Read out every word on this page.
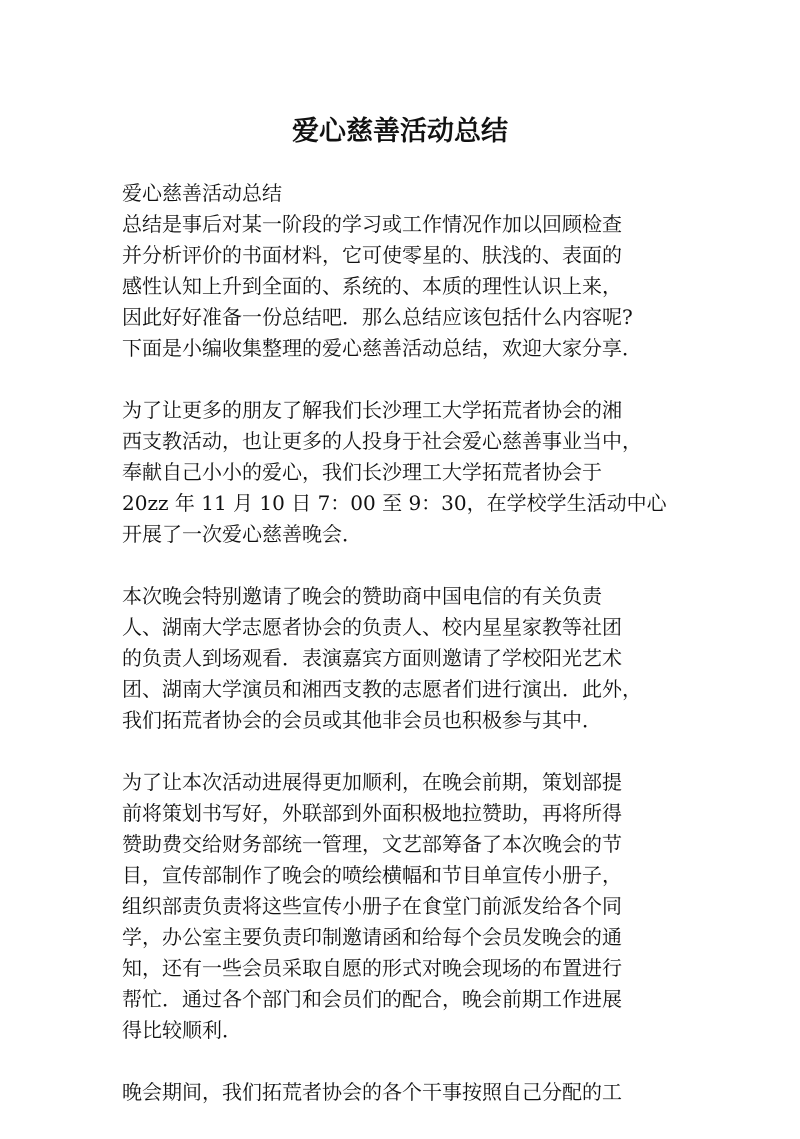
爱心慈善活动总结
爱心慈善活动总结
总结是事后对某一阶段的学习或工作情况作加以回顾检查
并分析评价的书面材料，它可使零星的、肤浅的、表面的
感性认知上升到全面的、系统的、本质的理性认识上来，
因此好好准备一份总结吧．那么总结应该包括什么内容呢?
下面是小编收集整理的爱心慈善活动总结，欢迎大家分享．
为了让更多的朋友了解我们长沙理工大学拓荒者协会的湘
西支教活动，也让更多的人投身于社会爱心慈善事业当中，
奉献自己小小的爱心，我们长沙理工大学拓荒者协会于
20zz 年 11 月 10 日 7：00 至 9：30，在学校学生活动中心
开展了一次爱心慈善晚会．
本次晚会特别邀请了晚会的赞助商中国电信的有关负责
人、湖南大学志愿者协会的负责人、校内星星家教等社团
的负责人到场观看．表演嘉宾方面则邀请了学校阳光艺术
团、湖南大学演员和湘西支教的志愿者们进行演出．此外，
我们拓荒者协会的会员或其他非会员也积极参与其中．
为了让本次活动进展得更加顺利，在晚会前期，策划部提
前将策划书写好，外联部到外面积极地拉赞助，再将所得
赞助费交给财务部统一管理，文艺部筹备了本次晚会的节
目，宣传部制作了晚会的喷绘横幅和节目单宣传小册子，
组织部责负责将这些宣传小册子在食堂门前派发给各个同
学，办公室主要负责印制邀请函和给每个会员发晚会的通
知，还有一些会员采取自愿的形式对晚会现场的布置进行
帮忙．通过各个部门和会员们的配合，晚会前期工作进展
得比较顺利．
晚会期间，我们拓荒者协会的各个干事按照自己分配的工
